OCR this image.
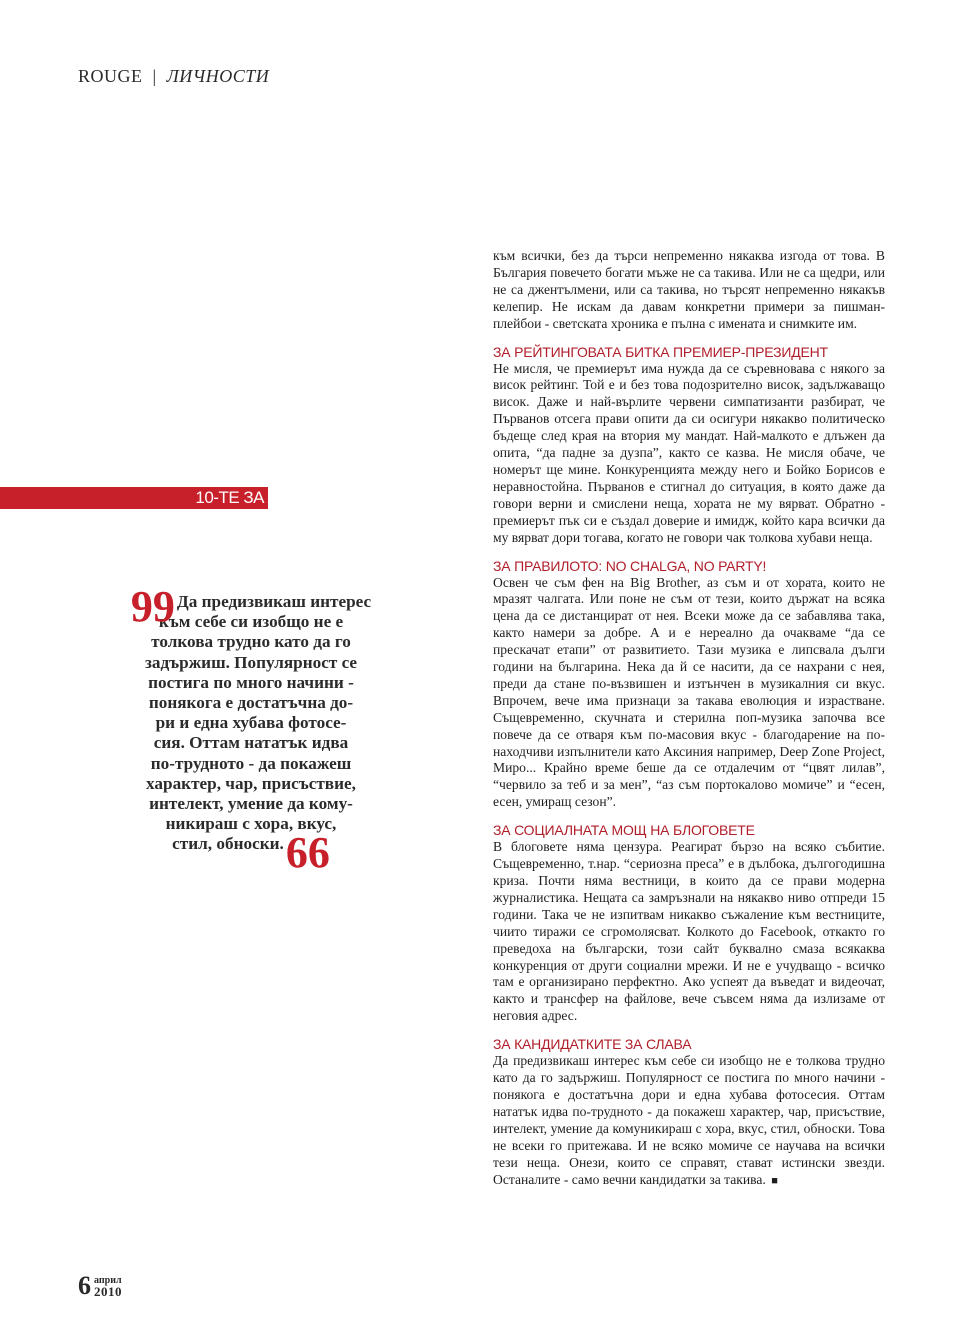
ROUGE | ЛИЧНОСТИ
10-ТЕ ЗА
99 Да предизвикаш интерес
към себе си изобщо не е
толкова трудно като да го
задържиш. Популярност се
постига по много начини -
понякога е достатъчна до-
ри и една хубава фотосе-
сия. Оттам нататък идва
по-трудното - да покажеш
характер, чар, присъствие,
интелект, умение да кому-
никираш с хора, вкус,
стил, обноски.66

към всички, без да търси непременно някаква изгода от това. В България повечето богати мъже не са такива. Или не са щедри, или не са джентълмени, или са такива, но търсят непременно някакъв келепир. Не искам да давам конкретни примери за пишман-плейбои - светската хроника е пълна с имената и снимките им.

ЗА РЕЙТИНГОВАТА БИТКА ПРЕМИЕР-ПРЕЗИДЕНТ

Не мисля, че премиерът има нужда да се съревновава с някого за висок рейтинг. Той е и без това подозрително висок, задължаващо висок. Даже и най-върлите червени симпатизанти разбират, че Първанов отсега прави опити да си осигури някакво политическо бъдеще след края на втория му мандат. Най-малкото е длъжен да опита, “да падне за дузпа”, както се казва. Не мисля обаче, че номерът ще мине. Конкуренцията между него и Бойко Борисов е неравностойна. Първанов е стигнал до ситуация, в която даже да говори верни и смислени неща, хората не му вярват. Обратно - премиерът пък си е създал доверие и имидж, който кара всички да му вярват дори тогава, когато не говори чак толкова хубави неща.

ЗА ПРАВИЛОТО: NO CHALGA, NO PARTY!

Освен че съм фен на Big Brother, аз съм и от хората, които не мразят чалгата. Или поне не съм от тези, които държат на всяка цена да се дистанцират от нея. Всеки може да се забавлява така, както намери за добре. А и е нереално да очакваме “да се прескачат етапи” от развитието. Тази музика е липсвала дълги години на българина. Нека да й се насити, да се нахрани с нея, преди да стане по-възвишен и изтънчен в музикалния си вкус. Впрочем, вече има признаци за такава еволюция и израстване. Същевременно, скучната и стерилна поп-музика започва все повече да се отваря към по-масовия вкус - благодарение на по-находчиви изпълнители като Аксиния например, Deep Zone Project, Миро... Крайно време беше да се отдалечим от “цвят лилав”, “червило за теб и за мен”, “аз съм портокалово момиче” и “есен, есен, умиращ сезон”.

ЗА СОЦИАЛНАТА МОЩ НА БЛОГОВЕТЕ

В блоговете няма цензура. Реагират бързо на всяко събитие. Същевременно, т.нар. “сериозна преса” е в дълбока, дългогодишна криза. Почти няма вестници, в които да се прави модерна журналистика. Нещата са замръзнали на някакво ниво отпреди 15 години. Така че не изпитвам никакво съжаление към вестниците, чиито тиражи се сгромолясват. Колкото до Facebook, откакто го преведоха на български, този сайт буквално смаза всякаква конкуренция от други социални мрежи. И не е учудващо - всичко там е организирано перфектно. Ако успеят да въведат и видеочат, както и трансфер на файлове, вече съвсем няма да излизаме от неговия адрес.

ЗА КАНДИДАТКИТЕ ЗА СЛАВА

Да предизвикаш интерес към себе си изобщо не е толкова трудно като да го задържиш. Популярност се постига по много начини - понякога е достатъчна дори и една хубава фотосесия. Оттам нататък идва по-трудното - да покажеш характер, чар, присъствие, интелект, умение да комуникираш с хора, вкус, стил, обноски. Това не всеки го притежава. И не всяко момиче се научава на всички тези неща. Онези, които се справят, стават истински звезди. Останалите - само вечни кандидатки за такива. ■

6 април
2010
